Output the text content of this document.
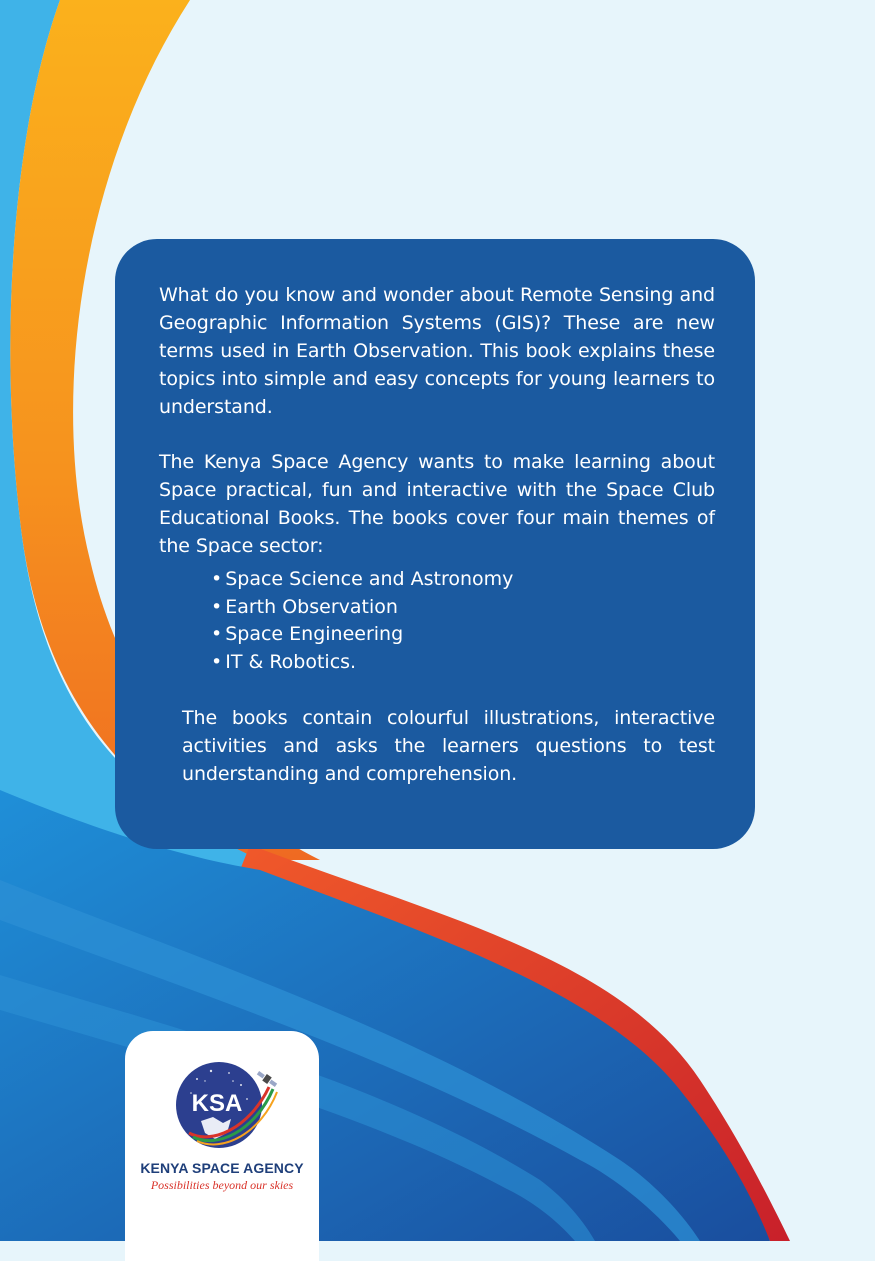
What do you know and wonder about Remote Sensing and Geographic Information Systems (GIS)? These are new terms used in Earth Observation. This book explains these topics into simple and easy concepts for young learners to understand.

The Kenya Space Agency wants to make learning about Space practical, fun and interactive with the Space Club Educational Books. The books cover four main themes of the Space sector:

• Space Science and Astronomy
• Earth Observation
• Space Engineering
• IT & Robotics.

The books contain colourful illustrations, interactive activities and asks the learners questions to test understanding and comprehension.

KSA
KENYA SPACE AGENCY
Possibilities beyond our skies
